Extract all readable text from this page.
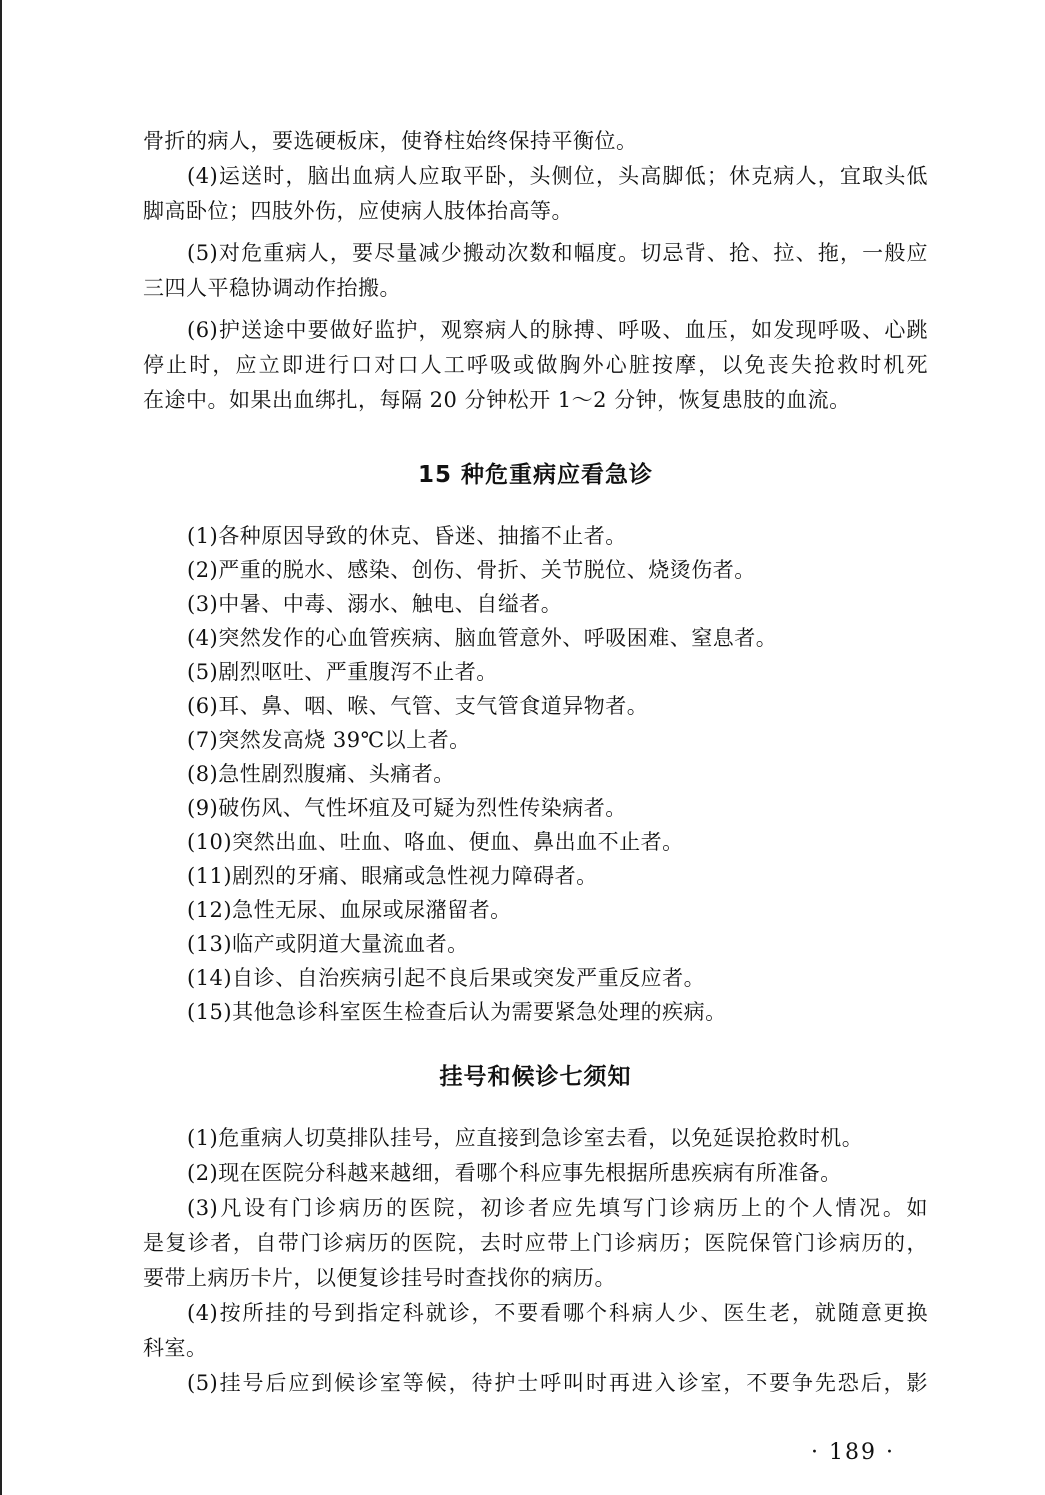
骨折的病人，要选硬板床，使脊柱始终保持平衡位。
(4)运送时，脑出血病人应取平卧，头侧位，头高脚低；休克病人，宜取头低
脚高卧位；四肢外伤，应使病人肢体抬高等。
(5)对危重病人，要尽量减少搬动次数和幅度。切忌背、抢、拉、拖，一般应
三四人平稳协调动作抬搬。
(6)护送途中要做好监护，观察病人的脉搏、呼吸、血压，如发现呼吸、心跳
停止时，应立即进行口对口人工呼吸或做胸外心脏按摩，以免丧失抢救时机死
在途中。如果出血绑扎，每隔 20 分钟松开 1～2 分钟，恢复患肢的血流。
15 种危重病应看急诊
(1)各种原因导致的休克、昏迷、抽搐不止者。
(2)严重的脱水、感染、创伤、骨折、关节脱位、烧烫伤者。
(3)中暑、中毒、溺水、触电、自缢者。
(4)突然发作的心血管疾病、脑血管意外、呼吸困难、窒息者。
(5)剧烈呕吐、严重腹泻不止者。
(6)耳、鼻、咽、喉、气管、支气管食道异物者。
(7)突然发高烧 39℃以上者。
(8)急性剧烈腹痛、头痛者。
(9)破伤风、气性坏疽及可疑为烈性传染病者。
(10)突然出血、吐血、咯血、便血、鼻出血不止者。
(11)剧烈的牙痛、眼痛或急性视力障碍者。
(12)急性无尿、血尿或尿潴留者。
(13)临产或阴道大量流血者。
(14)自诊、自治疾病引起不良后果或突发严重反应者。
(15)其他急诊科室医生检查后认为需要紧急处理的疾病。
挂号和候诊七须知
(1)危重病人切莫排队挂号，应直接到急诊室去看，以免延误抢救时机。
(2)现在医院分科越来越细，看哪个科应事先根据所患疾病有所准备。
(3)凡设有门诊病历的医院，初诊者应先填写门诊病历上的个人情况。如
是复诊者，自带门诊病历的医院，去时应带上门诊病历；医院保管门诊病历的，
要带上病历卡片，以便复诊挂号时查找你的病历。
(4)按所挂的号到指定科就诊，不要看哪个科病人少、医生老，就随意更换
科室。
(5)挂号后应到候诊室等候，待护士呼叫时再进入诊室，不要争先恐后，影
· 189 ·
